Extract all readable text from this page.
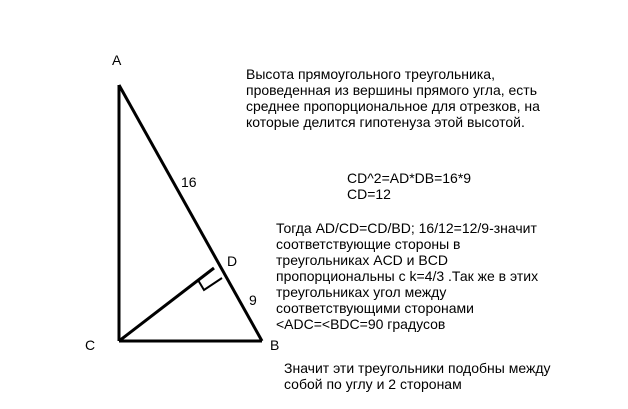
A
C	B
D
16
9
Высота прямоугольного треугольника,
проведенная из вершины прямого угла, есть
среднее пропорциональное для отрезков, на
которые делится гипотенуза этой высотой.
CD^2=AD*DB=16*9
CD=12
Тогда AD/CD=CD/BD; 16/12=12/9-значит
соответствующие стороны в
треугольниках ACD и BCD
пропорциональны с k=4/3 .Так же в этих
треугольниках угол между
соответствующими сторонами
<ADC=<BDC=90 градусов
Значит эти треугольники подобны между
собой по углу и 2 сторонам
